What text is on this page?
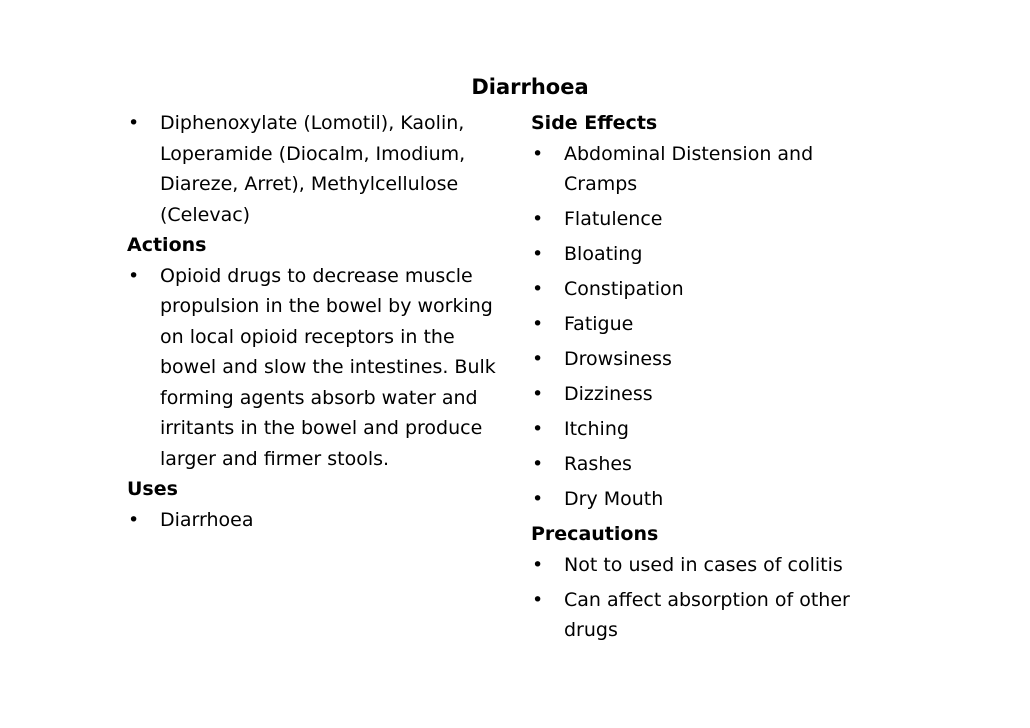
Diarrhoea
•	Diphenoxylate (Lomotil), Kaolin, Loperamide (Diocalm, Imodium, Diareze, Arret), Methylcellulose (Celevac)

Actions

•	Opioid drugs to decrease muscle propulsion in the bowel by working on local opioid receptors in the bowel and slow the intestines. Bulk forming agents absorb water and irritants in the bowel and produce larger and firmer stools.

Uses

•	Diarrhoea

Side Effects

•	Abdominal Distension and Cramps
•	Flatulence
•	Bloating
•	Constipation
•	Fatigue
•	Drowsiness
•	Dizziness
•	Itching
•	Rashes
•	Dry Mouth

Precautions

•	Not to used in cases of colitis
•	Can affect absorption of other drugs
